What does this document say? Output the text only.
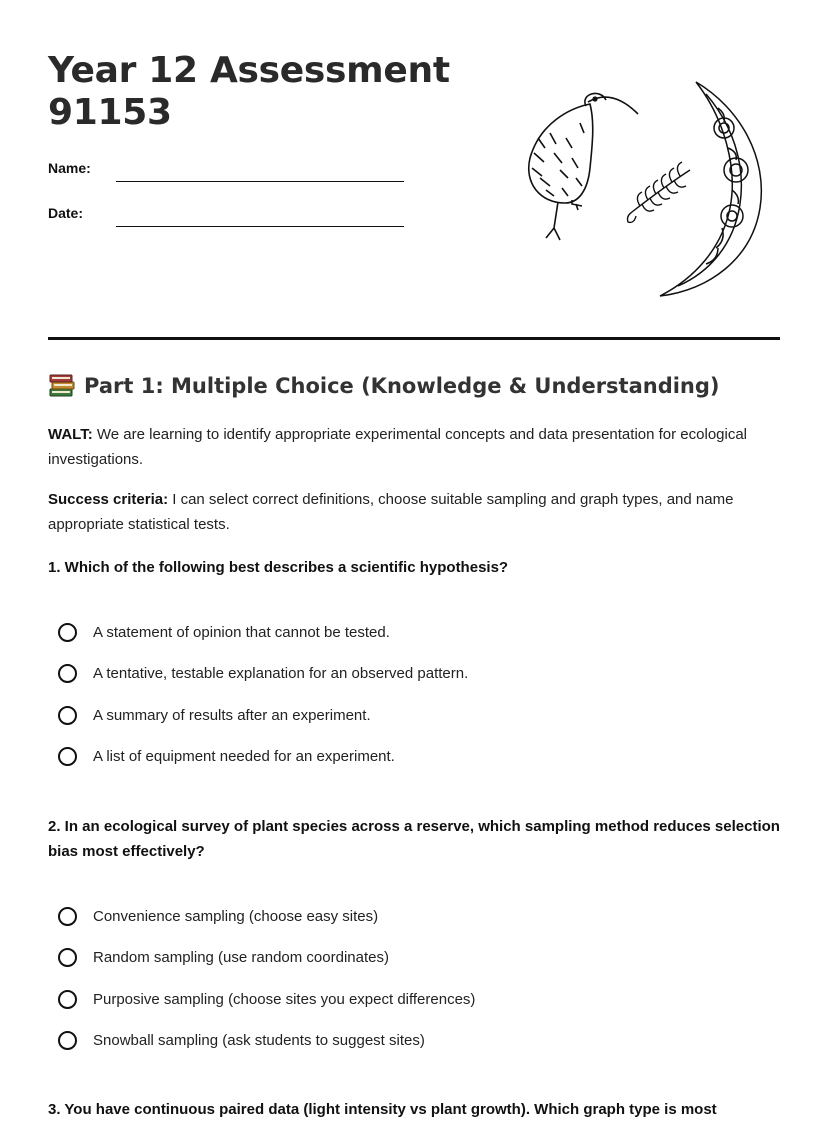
Year 12 Assessment
91153
Name:
Date:
Part 1: Multiple Choice (Knowledge & Understanding)
WALT: We are learning to identify appropriate experimental concepts and data presentation for ecological investigations.
Success criteria: I can select correct definitions, choose suitable sampling and graph types, and name appropriate statistical tests.
1. Which of the following best describes a scientific hypothesis?
A statement of opinion that cannot be tested.
A tentative, testable explanation for an observed pattern.
A summary of results after an experiment.
A list of equipment needed for an experiment.
2. In an ecological survey of plant species across a reserve, which sampling method reduces selection bias most effectively?
Convenience sampling (choose easy sites)
Random sampling (use random coordinates)
Purposive sampling (choose sites you expect differences)
Snowball sampling (ask students to suggest sites)
3. You have continuous paired data (light intensity vs plant growth). Which graph type is most
